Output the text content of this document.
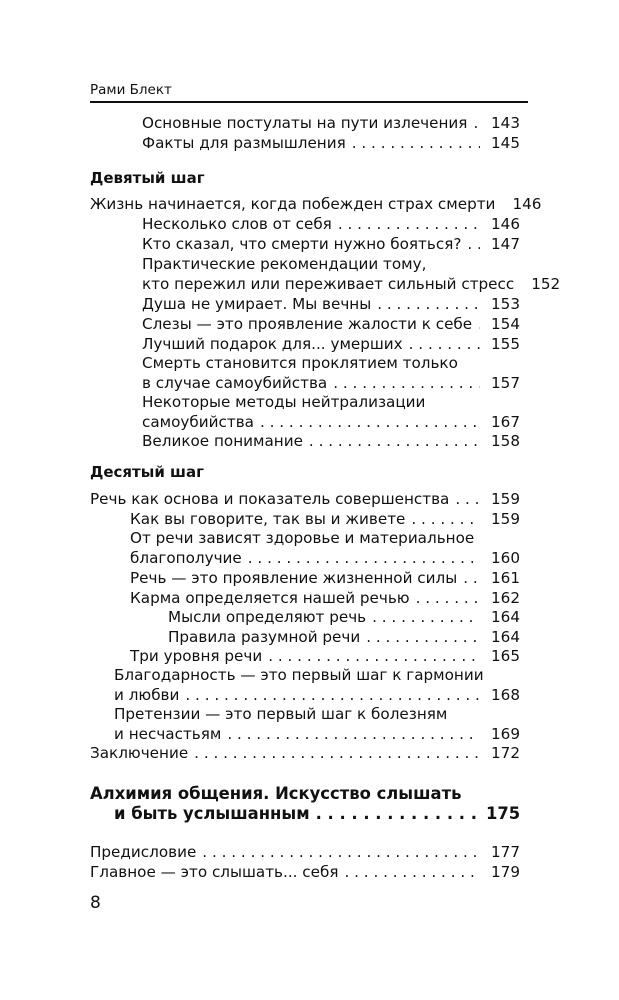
Рами Блект
Девятый шаг
Десятый шаг
Основные постулаты на пути излечения . . .	143
Факты для размышления . . .	145
Жизнь начинается, когда побежден страх смерти	146
Несколько слов от себя . . .	146
Кто сказал, что смерти нужно бояться? . . .	147
Практические рекомендации тому,
кто пережил или переживает сильный стресс	152
Душа не умирает. Мы вечны . . .	153
Слезы — это проявление жалости к себе . . .	154
Лучший подарок для... умерших . . .	155
Смерть становится проклятием только
в случае самоубийства . . .	157
Некоторые методы нейтрализации
самоубийства . . .	167
Великое понимание . . .	158
Речь как основа и показатель совершенства . . .	159
Как вы говорите, так вы и живете . . .	159
От речи зависят здоровье и материальное
благополучие . . .	160
Речь — это проявление жизненной силы . . .	161
Карма определяется нашей речью . . .	162
Мысли определяют речь . . .	164
Правила разумной речи . . .	164
Три уровня речи . . .	165
Благодарность — это первый шаг к гармонии
и любви . . .	168
Претензии — это первый шаг к болезням
и несчастьям . . .	169
Заключение . . .	172
Алхимия общения. Искусство слышать
и быть услышанным . . .	175
Предисловие . . .	177
Главное — это слышать... себя . . .	179
8
